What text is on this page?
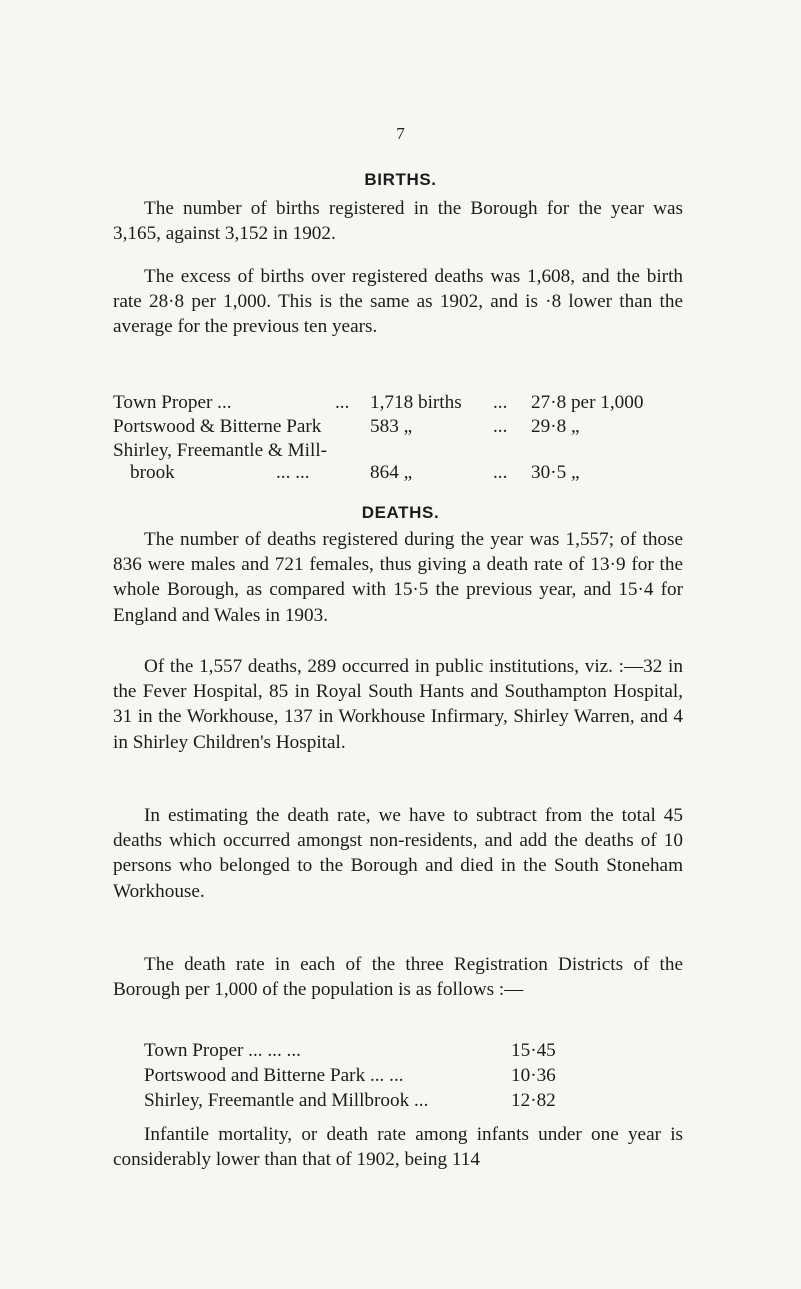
7
BIRTHS.
The number of births registered in the Borough for the year was 3,165, against 3,152 in 1902.
The excess of births over registered deaths was 1,608, and the birth rate 28·8 per 1,000. This is the same as 1902, and is ·8 lower than the average for the previous ten years.
Town Proper ...	... 1,718 births ... 27·8 per 1,000
Portswood & Bitterne Park	583 „	... 29·8 „
Shirley, Freemantle & Mill-
brook	... ...	864 „	... 30·5 „
DEATHS.
The number of deaths registered during the year was 1,557; of those 836 were males and 721 females, thus giving a death rate of 13·9 for the whole Borough, as compared with 15·5 the previous year, and 15·4 for England and Wales in 1903.
Of the 1,557 deaths, 289 occurred in public institutions, viz. :—32 in the Fever Hospital, 85 in Royal South Hants and Southampton Hospital, 31 in the Workhouse, 137 in Workhouse Infirmary, Shirley Warren, and 4 in Shirley Children's Hospital.
In estimating the death rate, we have to subtract from the total 45 deaths which occurred amongst non-residents, and add the deaths of 10 persons who belonged to the Borough and died in the South Stoneham Workhouse.
The death rate in each of the three Registration Districts of the Borough per 1,000 of the population is as follows :—
Town Proper ... ... ...	15·45
Portswood and Bitterne Park ... ...	10·36
Shirley, Freemantle and Millbrook ...	12·82
Infantile mortality, or death rate among infants under one year is considerably lower than that of 1902, being 114
